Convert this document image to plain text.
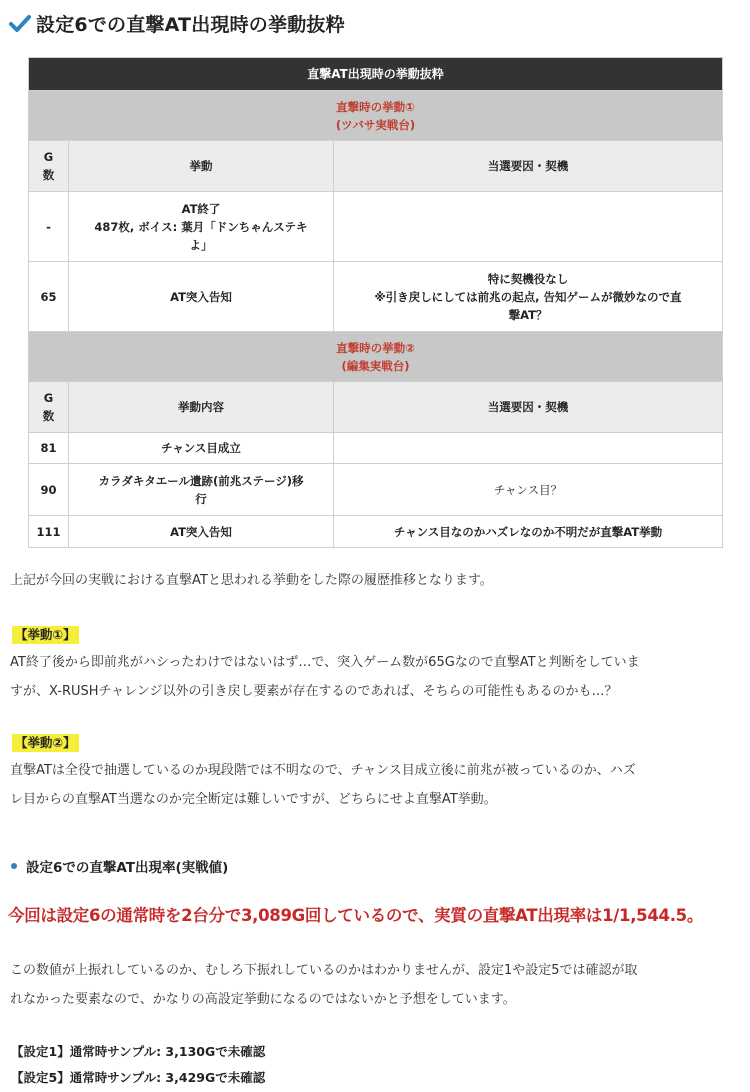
設定6での直撃AT出現時の挙動抜粋
直撃AT出現時の挙動抜粋		

直撃時の挙動①
(ツバサ実戦台)		

G数	挙動	当選要因・契機
-	AT終了
487枚, ボイス: 葉月「ドンちゃんステキ
よ」	

65	AT突入告知	特に契機役なし
※引き戻しにしては前兆の起点, 告知ゲームが微妙なので直
撃AT？

直撃時の挙動②
(編集実戦台)		

G数	挙動内容	当選要因・契機
81	チャンス目成立	
90	カラダキタエール遺跡(前兆ステージ)移
行	チャンス目？
111	AT突入告知	チャンス目なのかハズレなのか不明だが直撃AT挙動
上記が今回の実戦における直撃ATと思われる挙動をした際の履歴推移となります。
【挙動①】
AT終了後から即前兆がハシったわけではないはず…で、突入ゲーム数が65Gなので直撃ATと判断をしていま
すが、X-RUSHチャレンジ以外の引き戻し要素が存在するのであれば、そちらの可能性もあるのかも…？
【挙動②】
直撃ATは全役で抽選しているのか現段階では不明なので、チャンス目成立後に前兆が被っているのか、ハズ
レ目からの直撃AT当選なのか完全断定は難しいですが、どちらにせよ直撃AT挙動。
設定6での直撃AT出現率(実戦値)
今回は設定6の通常時を2台分で3,089G回しているので、実質の直撃AT出現率は1/1,544.5。
この数値が上振れしているのか、むしろ下振れしているのかはわかりませんが、設定1や設定5では確認が取
れなかった要素なので、かなりの高設定挙動になるのではないかと予想をしています。
【設定1】通常時サンプル: 3,130Gで未確認
【設定5】通常時サンプル: 3,429Gで未確認
